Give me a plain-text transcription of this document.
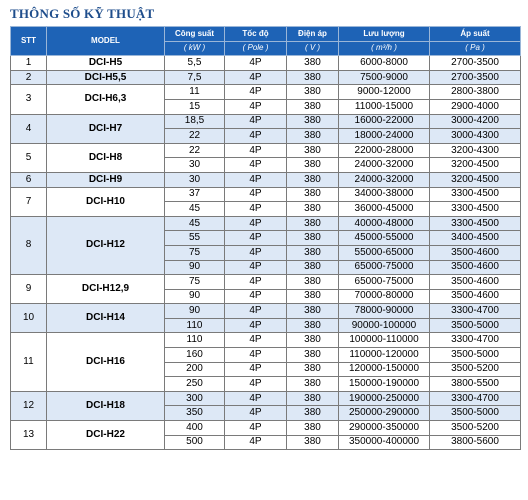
THÔNG SỐ KỸ THUẬT
STT	MODEL	Công suất	Tốc độ	Điện áp	Lưu lượng	Áp suất
		( kW )	( Pole )	( V )	( m³/h )	( Pa )
1	DCI-H5	5,5	4P	380	6000-8000	2700-3500
2	DCI-H5,5	7,5	4P	380	7500-9000	2700-3500
3	DCI-H6,3	11	4P	380	9000-12000	2800-3800
		15	4P	380	11000-15000	2900-4000
4	DCI-H7	18,5	4P	380	16000-22000	3000-4200
		22	4P	380	18000-24000	3000-4300
5	DCI-H8	22	4P	380	22000-28000	3200-4300
		30	4P	380	24000-32000	3200-4500
6	DCI-H9	30	4P	380	24000-32000	3200-4500
7	DCI-H10	37	4P	380	34000-38000	3300-4500
		45	4P	380	36000-45000	3300-4500
8	DCI-H12	45	4P	380	40000-48000	3300-4500
		55	4P	380	45000-55000	3400-4500
		75	4P	380	55000-65000	3500-4600
		90	4P	380	65000-75000	3500-4600
9	DCI-H12,9	75	4P	380	65000-75000	3500-4600
		90	4P	380	70000-80000	3500-4600
10	DCI-H14	90	4P	380	78000-90000	3300-4700
		110	4P	380	90000-100000	3500-5000
11	DCI-H16	110	4P	380	100000-110000	3300-4700
		160	4P	380	110000-120000	3500-5000
		200	4P	380	120000-150000	3500-5200
		250	4P	380	150000-190000	3800-5500
12	DCI-H18	300	4P	380	190000-250000	3300-4700
		350	4P	380	250000-290000	3500-5000
13	DCI-H22	400	4P	380	290000-350000	3500-5200
		500	4P	380	350000-400000	3800-5600
